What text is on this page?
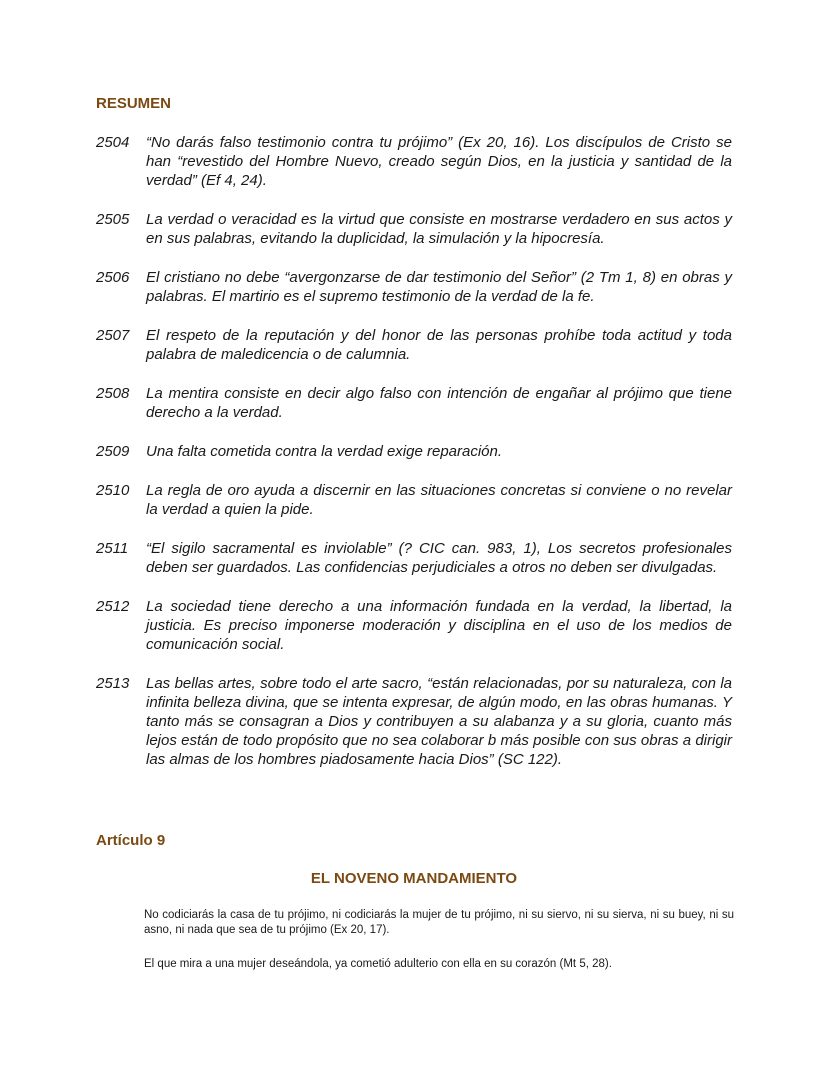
RESUMEN
2504	“No darás falso testimonio contra tu prójimo” (Ex 20, 16). Los discípulos de Cristo se han “revestido del Hombre Nuevo, creado según Dios, en la justicia y santidad de la verdad” (Ef 4, 24).
2505	La verdad o veracidad es la virtud que consiste en mostrarse verdadero en sus actos y en sus palabras, evitando la duplicidad, la simulación y la hipocresía.
2506	El cristiano no debe “avergonzarse de dar testimonio del Señor” (2 Tm 1, 8) en obras y palabras. El martirio es el supremo testimonio de la verdad de la fe.
2507	El respeto de la reputación y del honor de las personas prohíbe toda actitud y toda palabra de maledicencia o de calumnia.
2508	La mentira consiste en decir algo falso con intención de engañar al prójimo que tiene derecho a la verdad.
2509	Una falta cometida contra la verdad exige reparación.
2510	La regla de oro ayuda a discernir en las situaciones concretas si conviene o no revelar la verdad a quien la pide.
2511	“El sigilo sacramental es inviolable” (? CIC can. 983, 1), Los secretos profesionales deben ser guardados. Las confidencias perjudiciales a otros no deben ser divulgadas.
2512	La sociedad tiene derecho a una información fundada en la verdad, la libertad, la justicia. Es preciso imponerse moderación y disciplina en el uso de los medios de comunicación social.
2513	Las bellas artes, sobre todo el arte sacro, “están relacionadas, por su naturaleza, con la infinita belleza divina, que se intenta expresar, de algún modo, en las obras humanas. Y tanto más se consagran a Dios y contribuyen a su alabanza y a su gloria, cuanto más lejos están de todo propósito que no sea colaborar b más posible con sus obras a dirigir las almas de los hombres piadosamente hacia Dios” (SC 122).
Artículo 9
EL NOVENO MANDAMIENTO
No codiciarás la casa de tu prójimo, ni codiciarás la mujer de tu prójimo, ni su siervo, ni su sierva, ni su buey, ni su asno, ni nada que sea de tu prójimo (Ex 20, 17).
El que mira a una mujer deseándola, ya cometió adulterio con ella en su corazón (Mt 5, 28).
